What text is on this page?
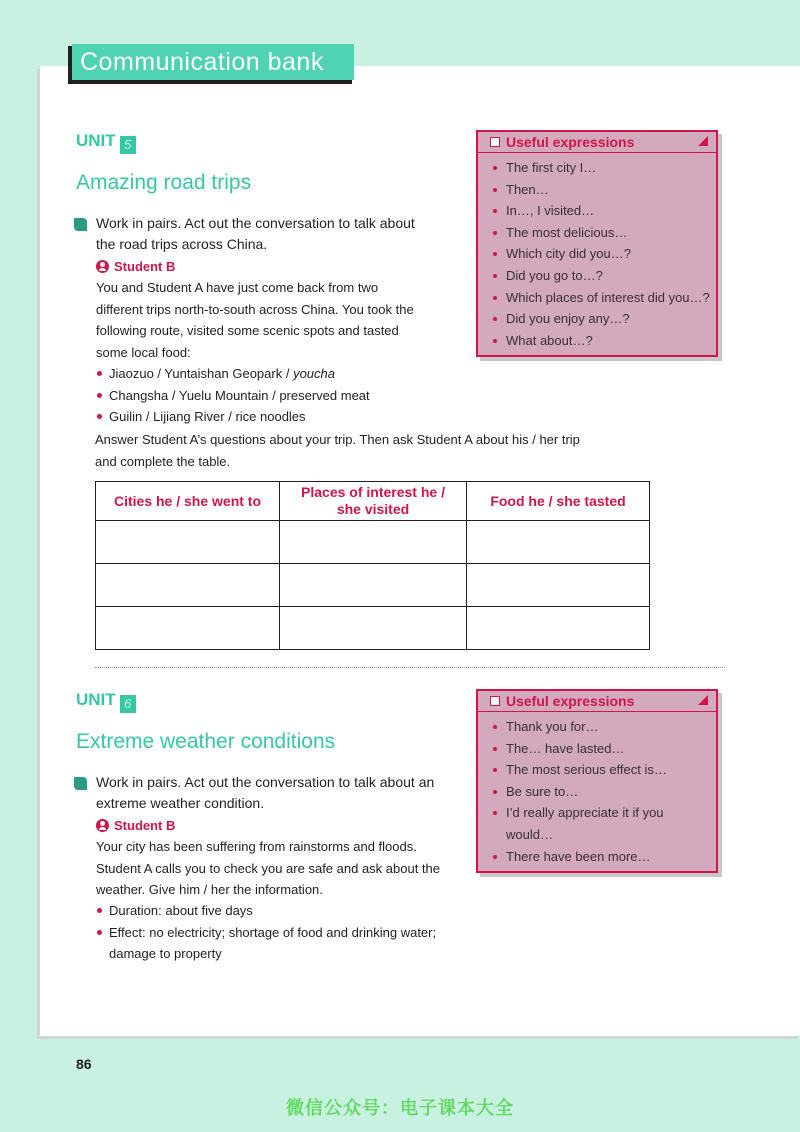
Communication bank
UNIT 5
Amazing road trips
Work in pairs. Act out the conversation to talk about
the road trips across China.
Student B
You and Student A have just come back from two
different trips north-to-south across China. You took the
following route, visited some scenic spots and tasted
some local food:
Jiaozuo / Yuntaishan Geopark / youcha
Changsha / Yuelu Mountain / preserved meat
Guilin / Lijiang River / rice noodles
Answer Student A’s questions about your trip. Then ask Student A about his / her trip
and complete the table.
Cities he / she went to	Places of interest he / she visited	Food he / she tasted

Useful expressions
The first city I…
Then…
In…, I visited…
The most delicious…
Which city did you…?
Did you go to…?
Which places of interest did you…?
Did you enjoy any…?
What about…?
UNIT 6
Extreme weather conditions
Work in pairs. Act out the conversation to talk about an
extreme weather condition.
Student B
Your city has been suffering from rainstorms and floods.
Student A calls you to check you are safe and ask about the
weather. Give him / her the information.
Duration: about five days
Effect: no electricity; shortage of food and drinking water; damage to property
Useful expressions
Thank you for…
The… have lasted…
The most serious effect is…
Be sure to…
I’d really appreciate it if you would…
There have been more…
86
微信公众号：电子课本大全
